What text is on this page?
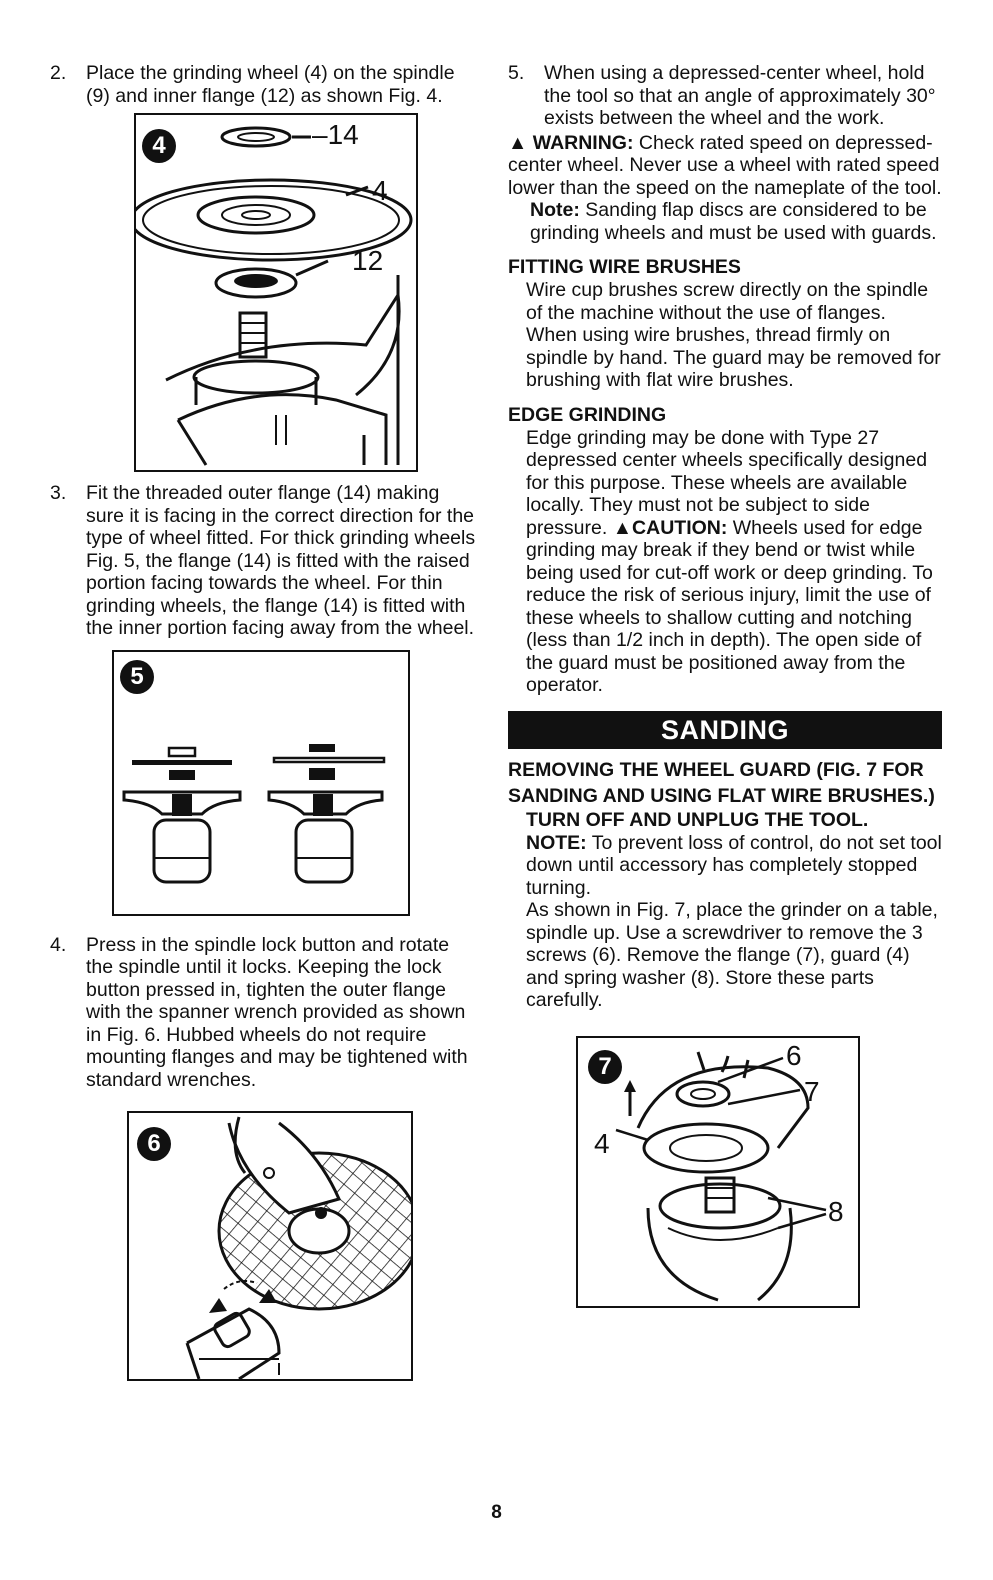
2.	Place the grinding wheel (4) on the spindle (9) and inner flange (12) as shown Fig. 4.
4	–14
4
12
3.	Fit the threaded outer flange (14) making sure it is facing in the correct direction for the type of wheel fitted. For thick grinding wheels Fig. 5, the flange (14) is fitted with the raised portion facing towards the wheel. For thin grinding wheels, the flange (14) is fitted with the inner portion facing away from the wheel.
5
4.	Press in the spindle lock button and rotate the spindle until it locks. Keeping the lock button pressed in, tighten the outer flange with the spanner wrench provided as shown in Fig. 6. Hubbed wheels do not require mounting flanges and may be tightened with standard wrenches.
6
5.	When using a depressed-center wheel, hold the tool so that an angle of approximately 30° exists between the wheel and the work.
▲ WARNING: Check rated speed on depressed-center wheel. Never use a wheel with rated speed lower than the speed on the nameplate of the tool.
Note: Sanding flap discs are considered to be grinding wheels and must be used with guards.
FITTING WIRE BRUSHES
Wire cup brushes screw directly on the spindle of the machine without the use of flanges. When using wire brushes, thread firmly on spindle by hand. The guard may be removed for brushing with flat wire brushes.
EDGE GRINDING
Edge grinding may be done with Type 27 depressed center wheels specifically designed for this purpose. These wheels are available locally. They must not be subject to side pressure. ▲CAUTION: Wheels used for edge grinding may break if they bend or twist while being used for cut-off work or deep grinding. To reduce the risk of serious injury, limit the use of these wheels to shallow cutting and notching (less than 1/2 inch in depth). The open side of the guard must be positioned away from the operator.
SANDING
REMOVING THE WHEEL GUARD (FIG. 7 FOR SANDING AND USING FLAT WIRE BRUSHES.)
TURN OFF AND UNPLUG THE TOOL.
NOTE: To prevent loss of control, do not set tool down until accessory has completely stopped turning.
As shown in Fig. 7, place the grinder on a table, spindle up. Use a screwdriver to remove the 3 screws (6). Remove the flange (7), guard (4) and spring washer (8). Store these parts carefully.
7	6
7
4
8
8
